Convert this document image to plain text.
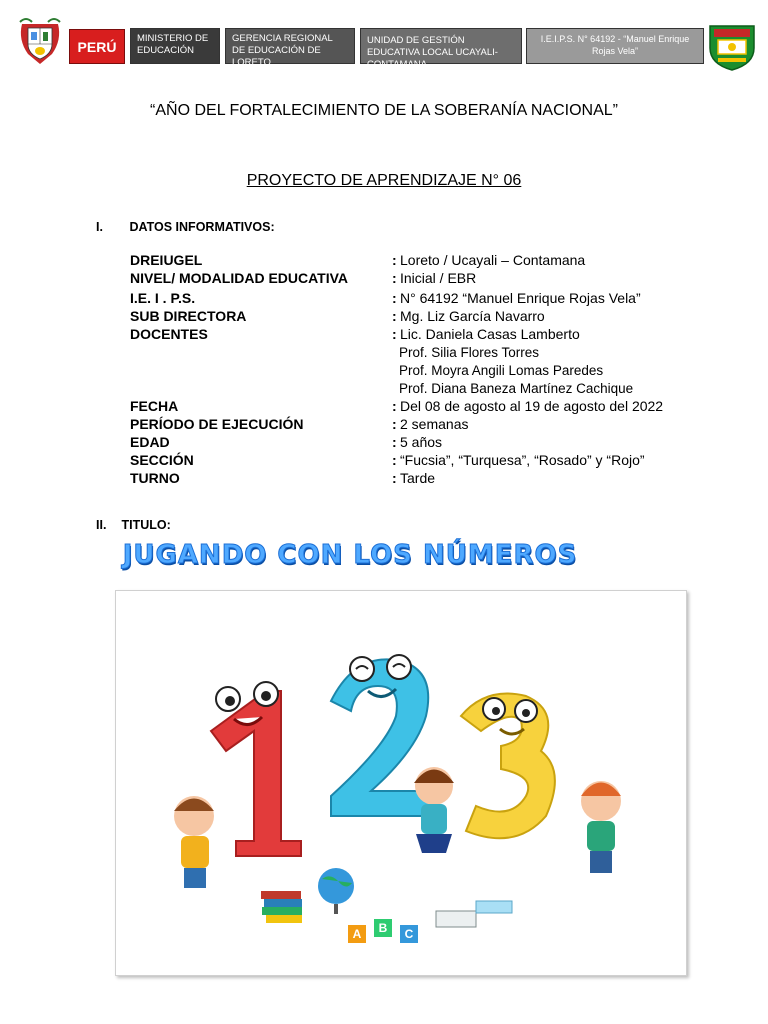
PERÚ	MINISTERIO DE EDUCACIÓN
GERENCIA REGIONAL DE EDUCACIÓN DE LORETO
UNIDAD DE GESTIÓN EDUCATIVA LOCAL UCAYALI- CONTAMANA
I.E.I.P.S. N° 64192 - “Manuel Enrique Rojas Vela”
“AÑO DEL FORTALECIMIENTO DE LA SOBERANÍA NACIONAL”
PROYECTO DE APRENDIZAJE N° 06
I. DATOS INFORMATIVOS:
DREIUGEL	: Loreto / Ucayali – Contamana
NIVEL/ MODALIDAD EDUCATIVA	: Inicial / EBR
I.E. I . P.S.	: N° 64192 “Manuel Enrique Rojas Vela”
SUB DIRECTORA	: Mg. Liz García Navarro
DOCENTES	: Lic. Daniela Casas Lamberto
Prof. Silia Flores Torres
Prof. Moyra Angili Lomas Paredes
Prof. Diana Baneza Martínez Cachique
FECHA	: Del 08 de agosto al 19 de agosto del 2022
PERÍODO DE EJECUCIÓN	: 2 semanas
EDAD	: 5 años
SECCIÓN	: “Fucsia”, “Turquesa”, “Rosado” y “Rojo”
TURNO	: Tarde
II. TITULO:
JUGANDO CON LOS NÚMEROS
A B C
